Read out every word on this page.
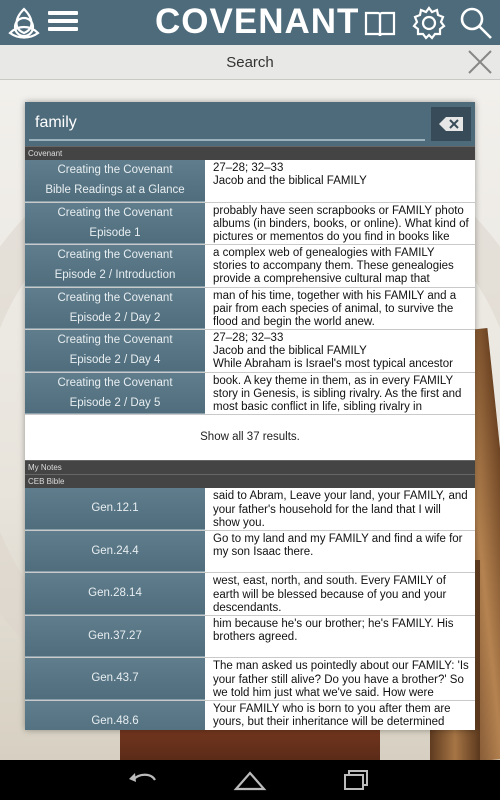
COVENANT
Search
family
Covenant
Creating the Covenant
Bible Readings at a Glance
27–28; 32–33
Jacob and the biblical FAMILY
Creating the Covenant
Episode 1
probably have seen scrapbooks or FAMILY photo albums (in binders, books, or online). What kind of pictures or mementos do you find in books like
Creating the Covenant
Episode 2 / Introduction
a complex web of genealogies with FAMILY stories to accompany them. These genealogies provide a comprehensive cultural map that
Creating the Covenant
Episode 2 / Day 2
man of his time, together with his FAMILY and a pair from each species of animal, to survive the flood and begin the world anew.
Creating the Covenant
Episode 2 / Day 4
27–28; 32–33
Jacob and the biblical FAMILY
While Abraham is Israel's most typical ancestor
Creating the Covenant
Episode 2 / Day 5
book. A key theme in them, as in every FAMILY story in Genesis, is sibling rivalry. As the first and most basic conflict in life, sibling rivalry in
Show all 37 results.
My Notes
CEB Bible
Gen.12.1
said to Abram, Leave your land, your FAMILY, and your father's household for the land that I will show you.
Gen.24.4
Go to my land and my FAMILY and find a wife for my son Isaac there.
Gen.28.14
west, east, north, and south. Every FAMILY of earth will be blessed because of you and your descendants.
Gen.37.27
him because he's our brother; he's FAMILY. His brothers agreed.
Gen.43.7
The man asked us pointedly about our FAMILY: 'Is your father still alive? Do you have a brother?' So we told him just what we've said. How were
Gen.48.6
Your FAMILY who is born to you after them are yours, but their inheritance will be determined
